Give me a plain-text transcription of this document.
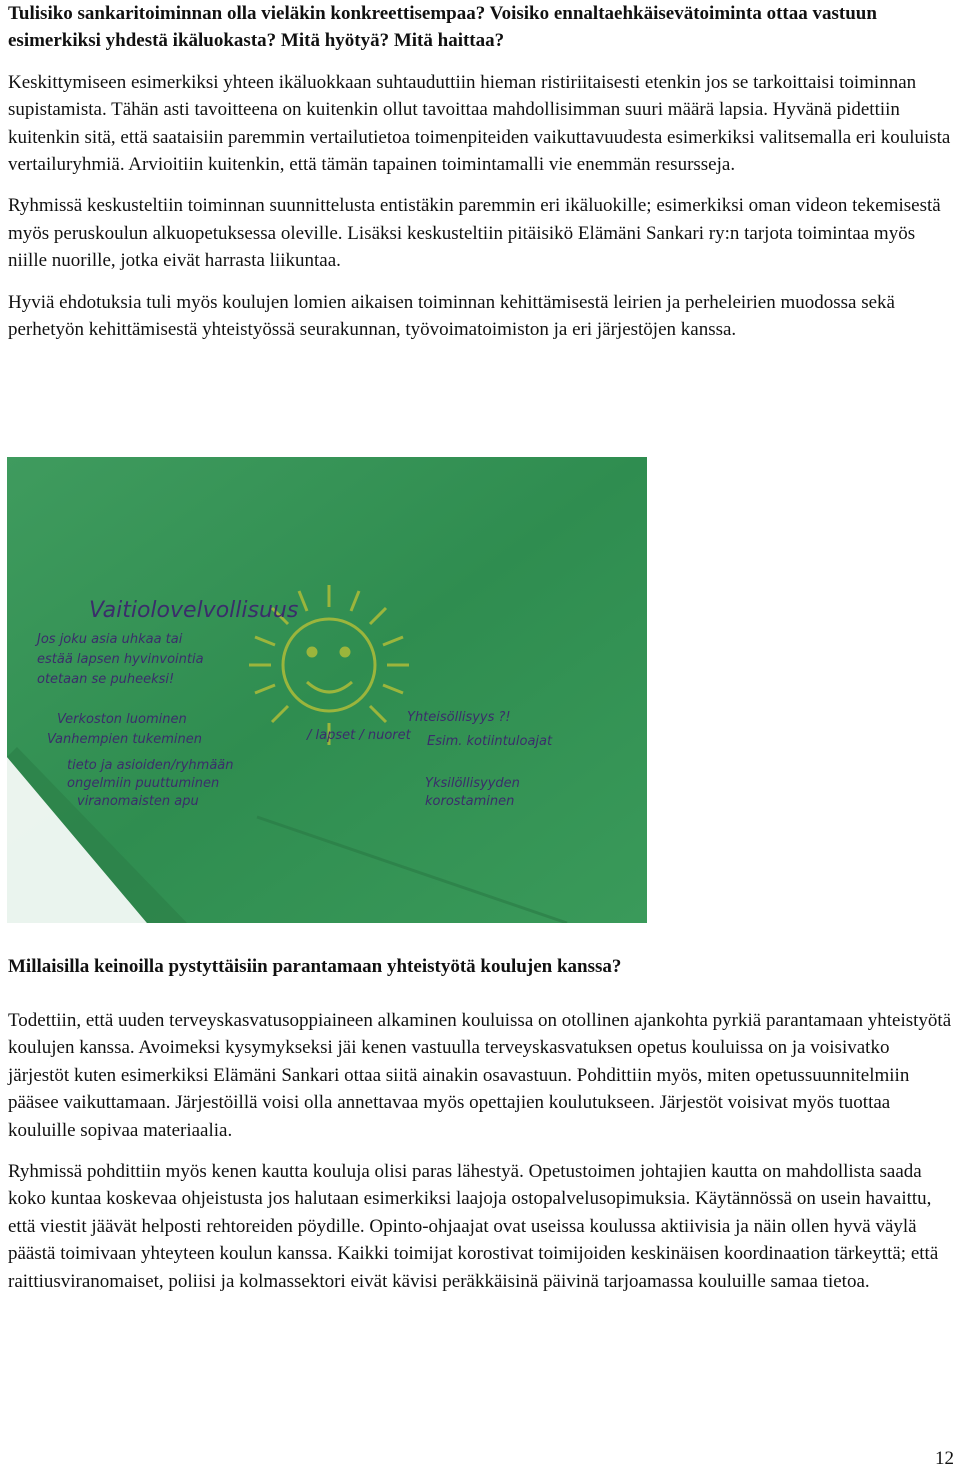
Tulisiko sankaritoiminnan olla vieläkin konkreettisempaa? Voisiko ennaltaehkäisevätoiminta ottaa vastuun esimerkiksi yhdestä ikäluokasta? Mitä hyötyä? Mitä haittaa?

Keskittymiseen esimerkiksi yhteen ikäluokkaan suhtauduttiin hieman ristiriitaisesti etenkin jos se tarkoittaisi toiminnan supistamista. Tähän asti tavoitteena on kuitenkin ollut tavoittaa mahdollisimman suuri määrä lapsia. Hyvänä pidettiin kuitenkin sitä, että saataisiin paremmin vertailutietoa toimenpiteiden vaikuttavuudesta esimerkiksi valitsemalla eri kouluista vertailuryhmiä. Arvioitiin kuitenkin, että tämän tapainen toimintamalli vie enemmän resursseja.

Ryhmissä keskusteltiin toiminnan suunnittelusta entistäkin paremmin eri ikäluokille; esimerkiksi oman videon tekemisestä myös peruskoulun alkuopetuksessa oleville. Lisäksi keskusteltiin pitäisikö Elämäni Sankari ry:n tarjota toimintaa myös niille nuorille, jotka eivät harrasta liikuntaa.

Hyviä ehdotuksia tuli myös koulujen lomien aikaisen toiminnan kehittämisestä leirien ja perheleirien muodossa sekä perhetyön kehittämisestä yhteistyössä seurakunnan, työvoimatoimiston ja eri järjestöjen kanssa.

Vaitiolovelvollisuus
Jos joku asia uhkaa tai
estää lapsen hyvinvointia
otetaan se puheeksi!
Verkoston luominen
Vanhempien tukeminen
tieto ja asioiden/ryhmään
ongelmiin puuttuminen
viranomaisten apu
/ lapset / nuoret
Yhteisöllisyys ?!
Esim. kotiintuloajat
Yksilöllisyyden
korostaminen

Millaisilla keinoilla pystyttäisiin parantamaan yhteistyötä koulujen kanssa?

Todettiin, että uuden terveyskasvatusoppiaineen alkaminen kouluissa on otollinen ajankohta pyrkiä parantamaan yhteistyötä koulujen kanssa. Avoimeksi kysymykseksi jäi kenen vastuulla terveyskasvatuksen opetus kouluissa on ja voisivatko järjestöt kuten esimerkiksi Elämäni Sankari ottaa siitä ainakin osavastuun. Pohdittiin myös, miten opetussuunnitelmiin pääsee vaikuttamaan. Järjestöillä voisi olla annettavaa myös opettajien koulutukseen. Järjestöt voisivat myös tuottaa kouluille sopivaa materiaalia.

Ryhmissä pohdittiin myös kenen kautta kouluja olisi paras lähestyä. Opetustoimen johtajien kautta on mahdollista saada koko kuntaa koskevaa ohjeistusta jos halutaan esimerkiksi laajoja ostopalvelusopimuksia. Käytännössä on usein havaittu, että viestit jäävät helposti rehtoreiden pöydille. Opinto-ohjaajat ovat useissa koulussa aktiivisia ja näin ollen hyvä väylä päästä toimivaan yhteyteen koulun kanssa. Kaikki toimijat korostivat toimijoiden keskinäisen koordinaation tärkeyttä; että raittiusviranomaiset, poliisi ja kolmassektori eivät kävisi peräkkäisinä päivinä tarjoamassa kouluille samaa tietoa.

12
